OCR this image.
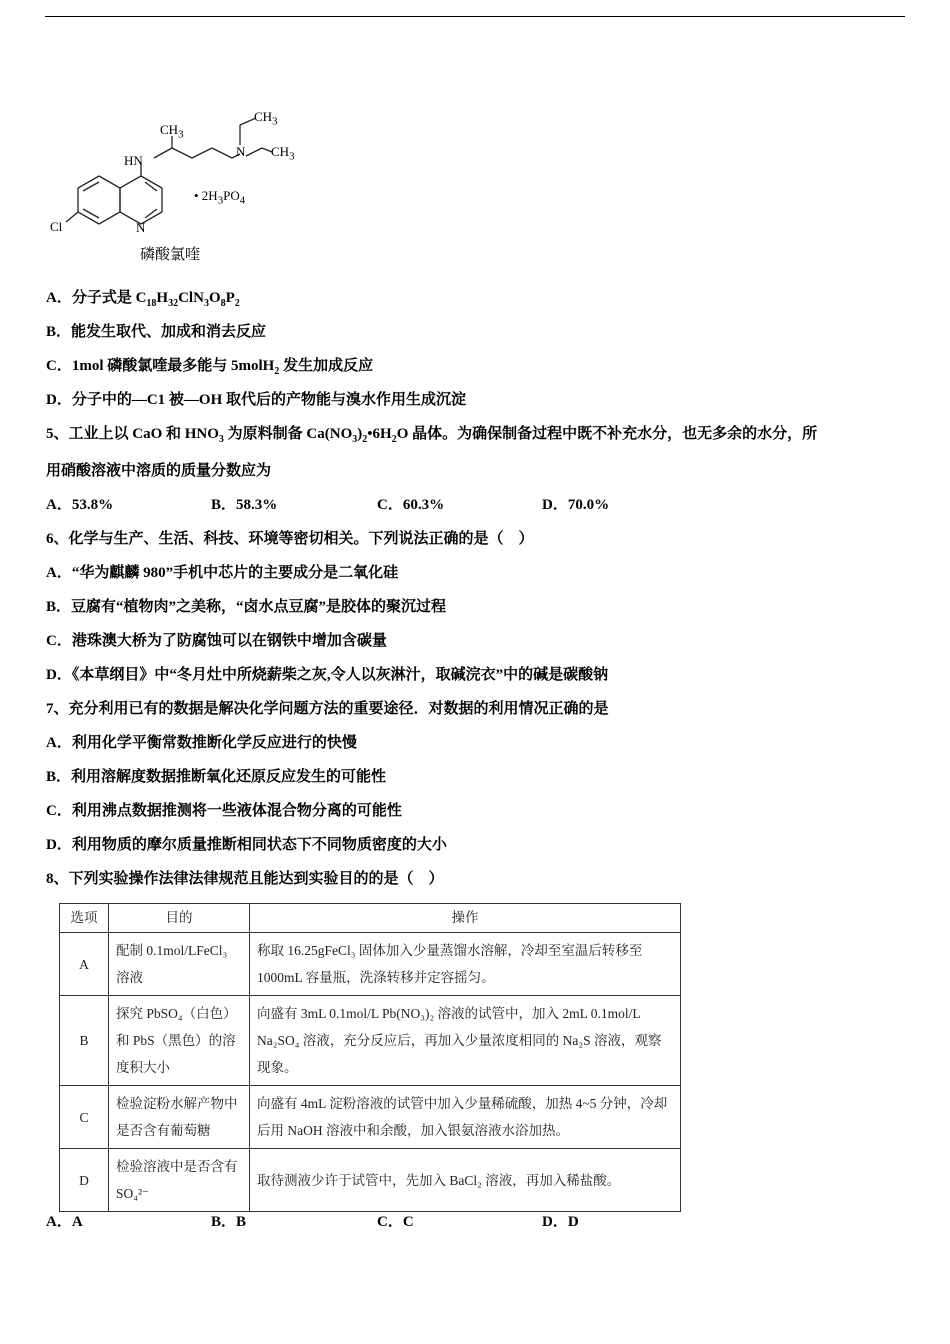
$CH_3$
HN
N
$CH_3$
$CH_3$
Cl	N
• $2H_3PO_4$
磷酸氯喹
A．分子式是 $C_{18}H_{32}ClN_3O_8P_2$
B．能发生取代、加成和消去反应
C．1mol 磷酸氯喹最多能与 5molH$_2$ 发生加成反应
D．分子中的—C1 被—OH 取代后的产物能与溴水作用生成沉淀
5、工业上以 CaO 和 $HNO_3$ 为原料制备 $Ca(NO_3)_2•6H_2O$ 晶体。为确保制备过程中既不补充水分，也无多余的水分，所
用硝酸溶液中溶质的质量分数应为
A．53.8%	B．58.3%	C．60.3%	D．70.0%
6、化学与生产、生活、科技、环境等密切相关。下列说法正确的是（　）
A．“华为麒麟 980”手机中芯片的主要成分是二氧化硅
B．豆腐有“植物肉”之美称，“卤水点豆腐”是胶体的聚沉过程
C．港珠澳大桥为了防腐蚀可以在钢铁中增加含碳量
D．《本草纲目》中“冬月灶中所烧薪柴之灰,令人以灰淋汁，取碱浣衣”中的碱是碳酸钠
7、充分利用已有的数据是解决化学问题方法的重要途径．对数据的利用情况正确的是
A．利用化学平衡常数推断化学反应进行的快慢
B．利用溶解度数据推断氧化还原反应发生的可能性
C．利用沸点数据推测将一些液体混合物分离的可能性
D．利用物质的摩尔质量推断相同状态下不同物质密度的大小
8、下列实验操作法律法律规范且能达到实验目的的是（　）
选项	目的	操作
A	配制 0.1mol/LFeCl₃ 溶液	称取 16.25gFeCl₃ 固体加入少量蒸馏水溶解，冷却至室温后转移至 1000mL 容量瓶，洗涤转移并定容摇匀。
B	探究 PbSO₄（白色）和 PbS（黑色）的溶度积大小	向盛有 3mL 0.1mol/L Pb(NO₃)₂ 溶液的试管中，加入 2mL 0.1mol/L Na₂SO₄ 溶液，充分反应后，再加入少量浓度相同的 Na₂S 溶液，观察现象。
C	检验淀粉水解产物中是否含有葡萄糖	向盛有 4mL 淀粉溶液的试管中加入少量稀硫酸，加热 4~5 分钟，冷却后用 NaOH 溶液中和余酸，加入银氨溶液水浴加热。
D	检验溶液中是否含有 SO₄²⁻	取待测液少许于试管中，先加入 BaCl₂ 溶液，再加入稀盐酸。
A．A	B．B	C．C	D．D
